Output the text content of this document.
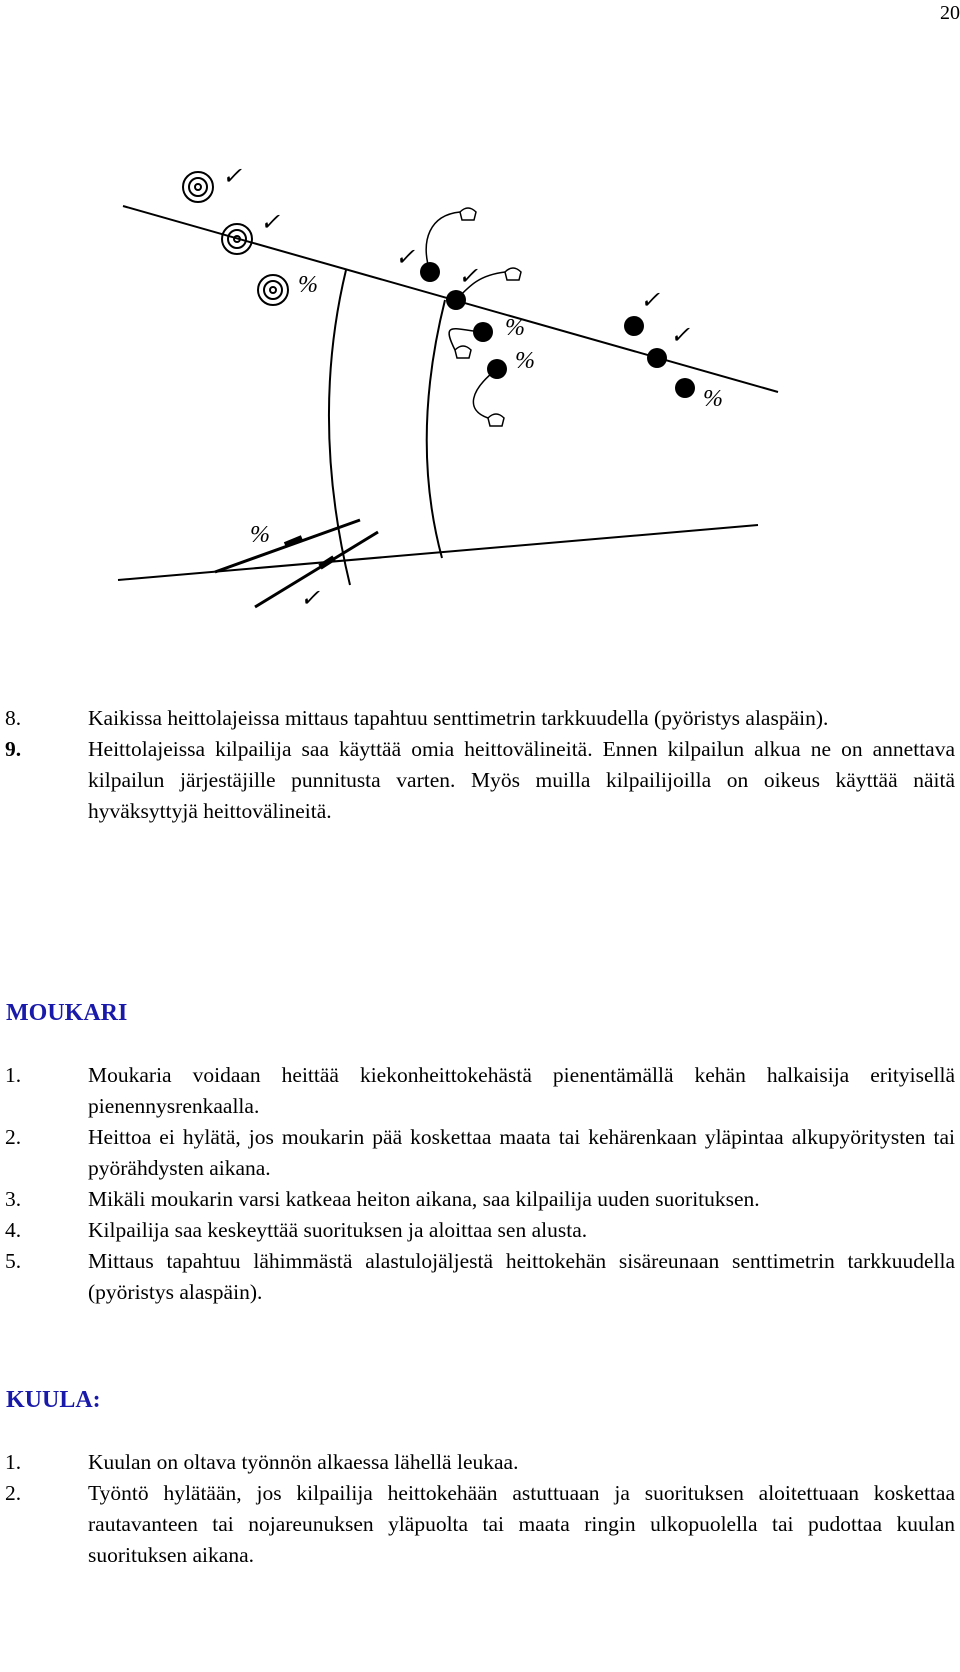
20
✓
✓
%
✓
✓
%
%
✓
✓
%
%
✓
8.	Kaikissa heittolajeissa mittaus tapahtuu senttimetrin tarkkuudella (pyöristys alaspäin).
9.	Heittolajeissa kilpailija saa käyttää omia heittovälineitä. Ennen kilpailun alkua ne on annettava kilpailun järjestäjille punnitusta varten. Myös muilla kilpailijoilla on oikeus käyttää näitä hyväksyttyjä heittovälineitä.
MOUKARI
1.	Moukaria voidaan heittää kiekonheittokehästä pienentämällä kehän halkaisija erityisellä pienennysrenkaalla.
2.	Heittoa ei hylätä, jos moukarin pää koskettaa maata tai kehärenkaan yläpintaa alkupyöritysten tai pyörähdysten aikana.
3.	Mikäli moukarin varsi katkeaa heiton aikana, saa kilpailija uuden suorituksen.
4.	Kilpailija saa keskeyttää suorituksen ja aloittaa sen alusta.
5.	Mittaus tapahtuu lähimmästä alastulojäljestä heittokehän sisäreunaan senttimetrin tarkkuudella (pyöristys alaspäin).
KUULA:
1.	Kuulan on oltava työnnön alkaessa lähellä leukaa.
2.	Työntö hylätään, jos kilpailija heittokehään astuttuaan ja suorituksen aloitettuaan koskettaa rautavanteen tai nojareunuksen yläpuolta tai maata ringin ulkopuolella tai pudottaa kuulan suorituksen aikana.
